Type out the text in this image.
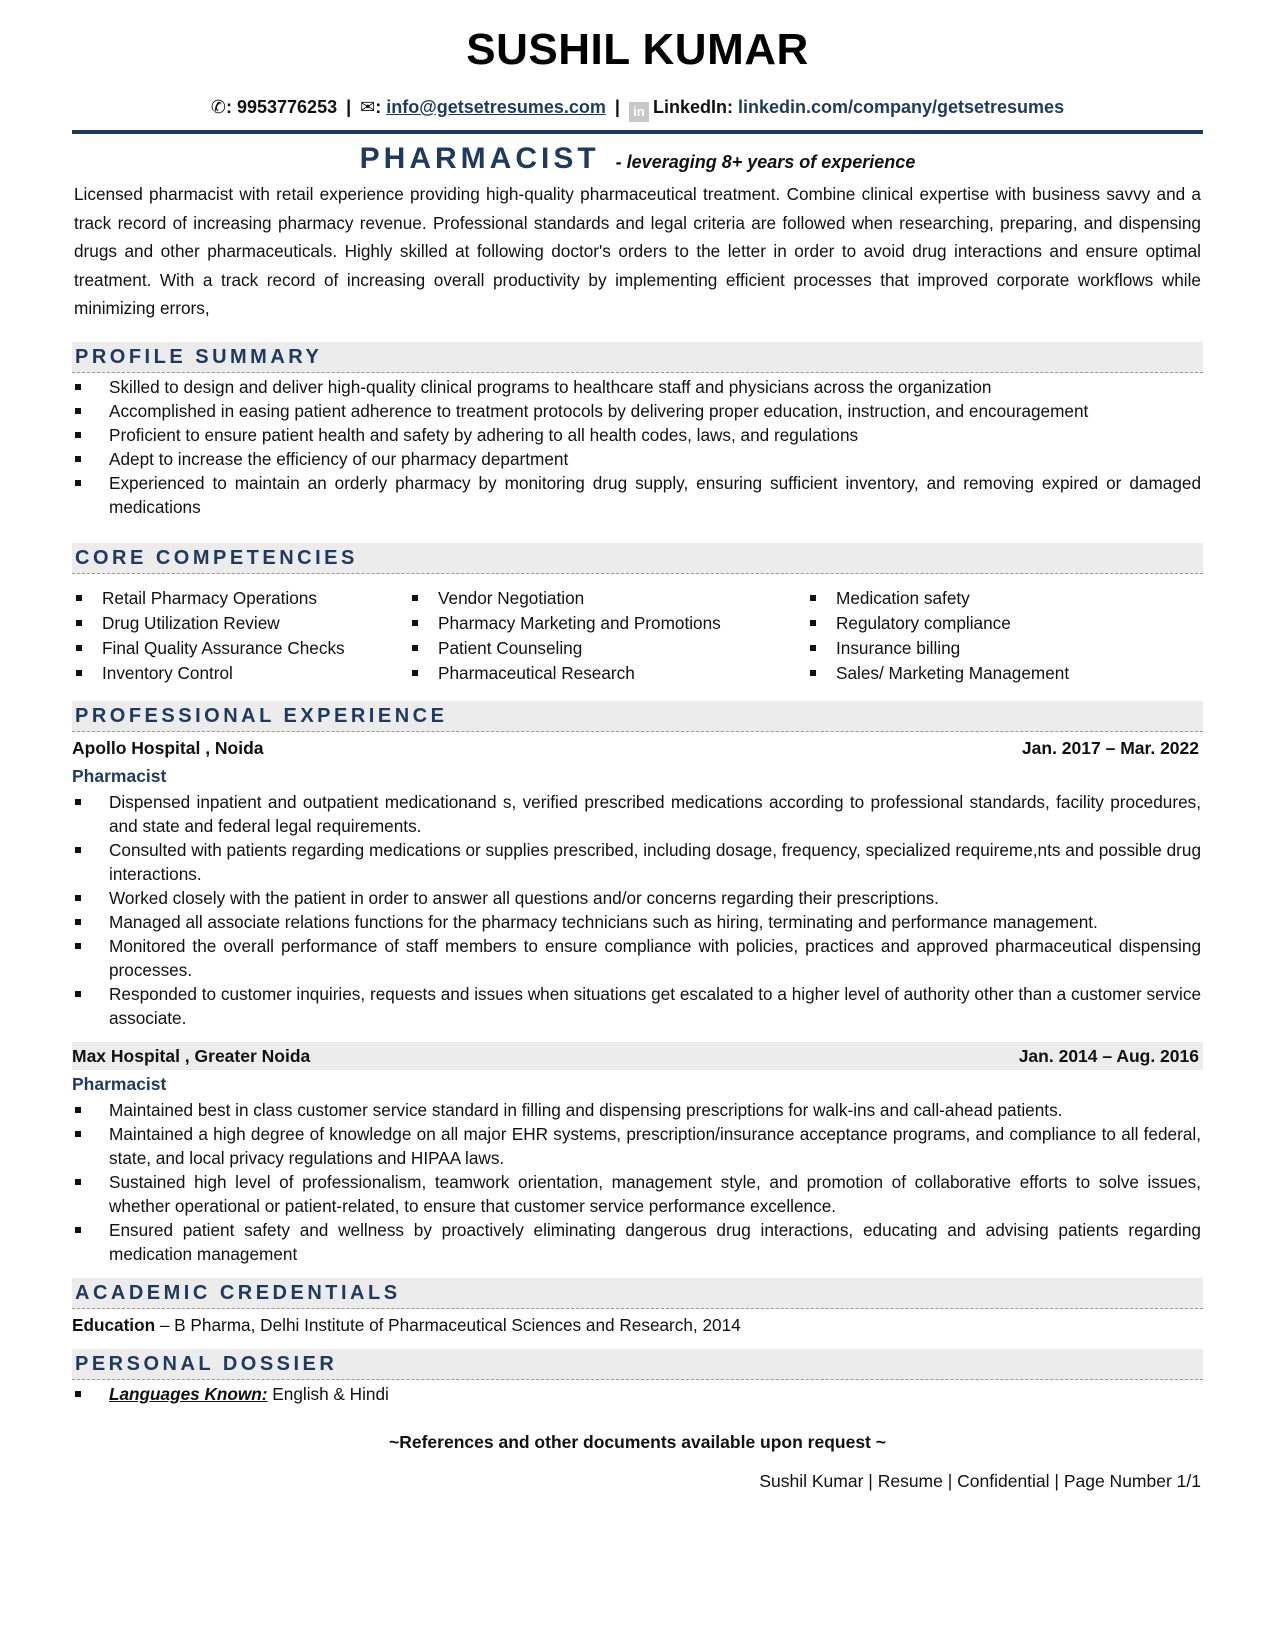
SUSHIL KUMAR
✆: 9953776253 | ✉: info@getsetresumes.com | in LinkedIn: linkedin.com/company/getsetresumes
PHARMACIST - leveraging 8+ years of experience
Licensed pharmacist with retail experience providing high-quality pharmaceutical treatment. Combine clinical expertise with business savvy and a track record of increasing pharmacy revenue. Professional standards and legal criteria are followed when researching, preparing, and dispensing drugs and other pharmaceuticals. Highly skilled at following doctor's orders to the letter in order to avoid drug interactions and ensure optimal treatment. With a track record of increasing overall productivity by implementing efficient processes that improved corporate workflows while minimizing errors,
PROFILE SUMMARY
Skilled to design and deliver high-quality clinical programs to healthcare staff and physicians across the organization
Accomplished in easing patient adherence to treatment protocols by delivering proper education, instruction, and encouragement
Proficient to ensure patient health and safety by adhering to all health codes, laws, and regulations
Adept to increase the efficiency of our pharmacy department
Experienced to maintain an orderly pharmacy by monitoring drug supply, ensuring sufficient inventory, and removing expired or damaged medications
CORE COMPETENCIES
Retail Pharmacy Operations
Drug Utilization Review
Final Quality Assurance Checks
Inventory Control
Vendor Negotiation
Pharmacy Marketing and Promotions
Patient Counseling
Pharmaceutical Research
Medication safety
Regulatory compliance
Insurance billing
Sales/ Marketing Management
PROFESSIONAL EXPERIENCE
Apollo Hospital , Noida	Jan. 2017 – Mar. 2022
Pharmacist
Dispensed inpatient and outpatient medicationand s, verified prescribed medications according to professional standards, facility procedures, and state and federal legal requirements.
Consulted with patients regarding medications or supplies prescribed, including dosage, frequency, specialized requireme,nts and possible drug interactions.
Worked closely with the patient in order to answer all questions and/or concerns regarding their prescriptions.
Managed all associate relations functions for the pharmacy technicians such as hiring, terminating and performance management.
Monitored the overall performance of staff members to ensure compliance with policies, practices and approved pharmaceutical dispensing processes.
Responded to customer inquiries, requests and issues when situations get escalated to a higher level of authority other than a customer service associate.
Max Hospital , Greater Noida	Jan. 2014 – Aug. 2016
Pharmacist
Maintained best in class customer service standard in filling and dispensing prescriptions for walk-ins and call-ahead patients.
Maintained a high degree of knowledge on all major EHR systems, prescription/insurance acceptance programs, and compliance to all federal, state, and local privacy regulations and HIPAA laws.
Sustained high level of professionalism, teamwork orientation, management style, and promotion of collaborative efforts to solve issues, whether operational or patient-related, to ensure that customer service performance excellence.
Ensured patient safety and wellness by proactively eliminating dangerous drug interactions, educating and advising patients regarding medication management
ACADEMIC CREDENTIALS
Education – B Pharma, Delhi Institute of Pharmaceutical Sciences and Research, 2014
PERSONAL DOSSIER
Languages Known: English & Hindi
~References and other documents available upon request ~
Sushil Kumar | Resume | Confidential | Page Number 1/1
